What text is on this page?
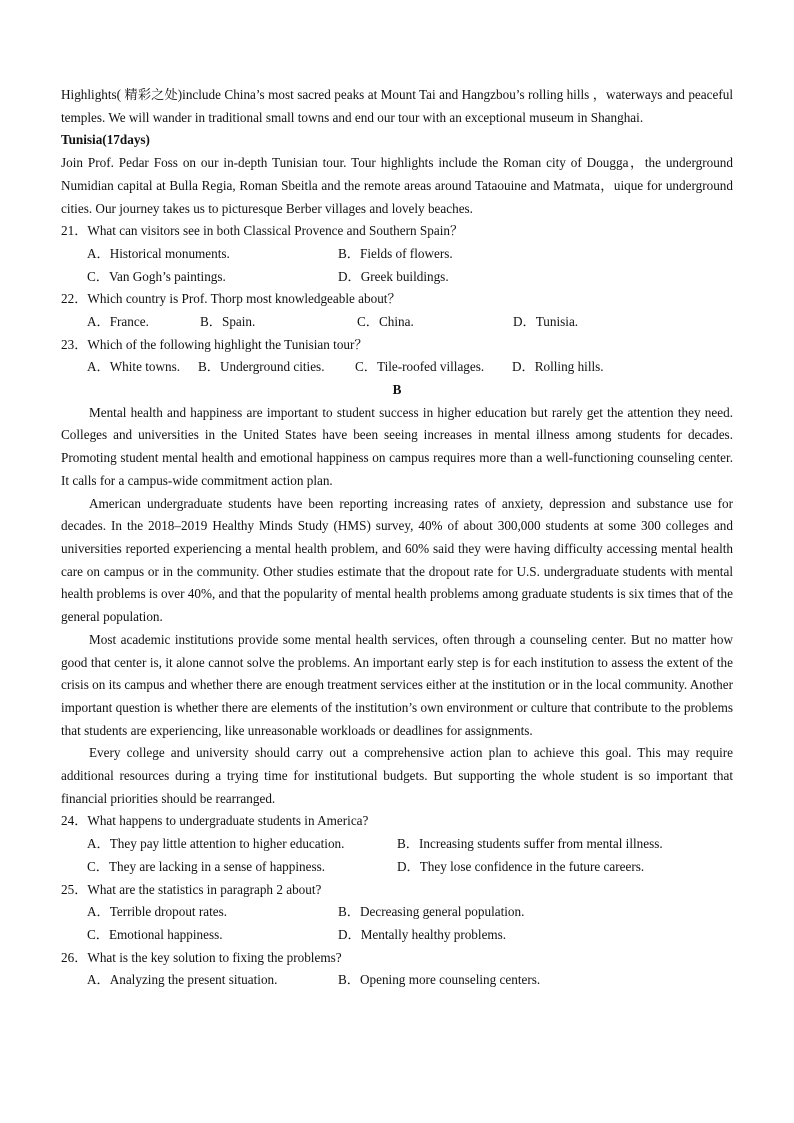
Highlights( 精彩之处)include China’s most sacred peaks at Mount Tai and Hangzbou’s rolling hills ，waterways and peaceful temples. We will wander in traditional small towns and end our tour with an exceptional museum in Shanghai.

Tunisia(17days)

Join Prof. Pedar Foss on our in-depth Tunisian tour. Tour highlights include the Roman city of Dougga，the underground Numidian capital at Bulla Regia, Roman Sbeitla and the remote areas around Tataouine and Matmata，uique for underground cities. Our journey takes us to picturesque Berber villages and lovely beaches.

21．What can visitors see in both Classical Provence and Southern Spain？

A．Historical monuments.	B．Fields of flowers.
C．Van Gogh’s paintings.	D．Greek buildings.

22．Which country is Prof. Thorp most knowledgeable about？

A．France.	B．Spain.	C．China.	D．Tunisia.

23．Which of the following highlight the Tunisian tour？

A．White towns. B．Underground cities. C．Tile-roofed villages. D．Rolling hills.

B

Mental health and happiness are important to student success in higher education but rarely get the attention they need. Colleges and universities in the United States have been seeing increases in mental illness among students for decades. Promoting student mental health and emotional happiness on campus requires more than a well-functioning counseling center. It calls for a campus-wide commitment action plan.

American undergraduate students have been reporting increasing rates of anxiety, depression and substance use for decades. In the 2018–2019 Healthy Minds Study (HMS) survey, 40% of about 300,000 students at some 300 colleges and universities reported experiencing a mental health problem, and 60% said they were having difficulty accessing mental health care on campus or in the community. Other studies estimate that the dropout rate for U.S. undergraduate students with mental health problems is over 40%, and that the popularity of mental health problems among graduate students is six times that of the general population.

Most academic institutions provide some mental health services, often through a counseling center. But no matter how good that center is, it alone cannot solve the problems. An important early step is for each institution to assess the extent of the crisis on its campus and whether there are enough treatment services either at the institution or in the local community. Another important question is whether there are elements of the institution’s own environment or culture that contribute to the problems that students are experiencing, like unreasonable workloads or deadlines for assignments.

Every college and university should carry out a comprehensive action plan to achieve this goal. This may require additional resources during a trying time for institutional budgets. But supporting the whole student is so important that financial priorities should be rearranged.

24．What happens to undergraduate students in America?

A．They pay little attention to higher education.	B．Increasing students suffer from mental illness.
C．They are lacking in a sense of happiness.	D．They lose confidence in the future careers.

25．What are the statistics in paragraph 2 about?

A．Terrible dropout rates.	B．Decreasing general population.
C．Emotional happiness.	D．Mentally healthy problems.

26．What is the key solution to fixing the problems?

A．Analyzing the present situation.	B．Opening more counseling centers.
